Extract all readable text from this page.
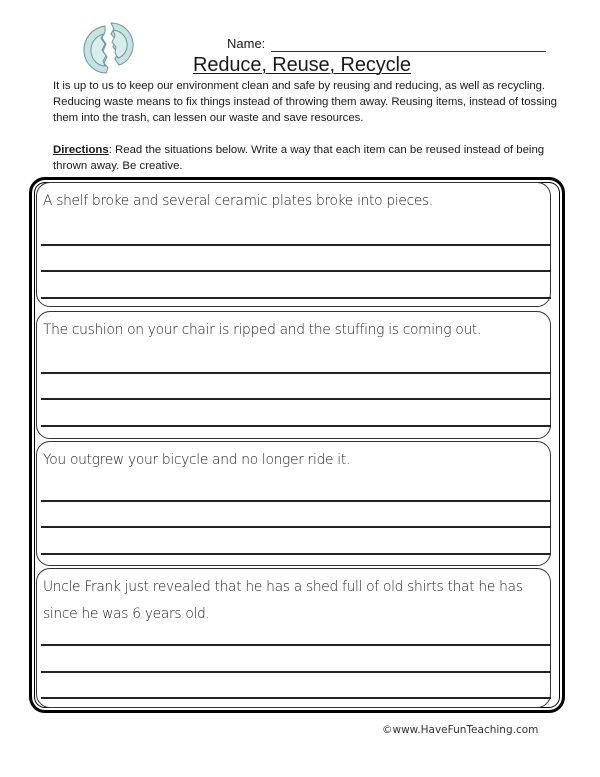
Name:
Reduce, Reuse, Recycle

It is up to us to keep our environment clean and safe by reusing and reducing, as well as recycling. Reducing waste means to fix things instead of throwing them away. Reusing items, instead of tossing them into the trash, can lessen our waste and save resources.

Directions: Read the situations below. Write a way that each item can be reused instead of being thrown away. Be creative.
A shelf broke and several ceramic plates broke into pieces.
The cushion on your chair is ripped and the stuffing is coming out.
You outgrew your bicycle and no longer ride it.
Uncle Frank just revealed that he has a shed full of old shirts that he has since he was 6 years old.
©www.HaveFunTeaching.com
